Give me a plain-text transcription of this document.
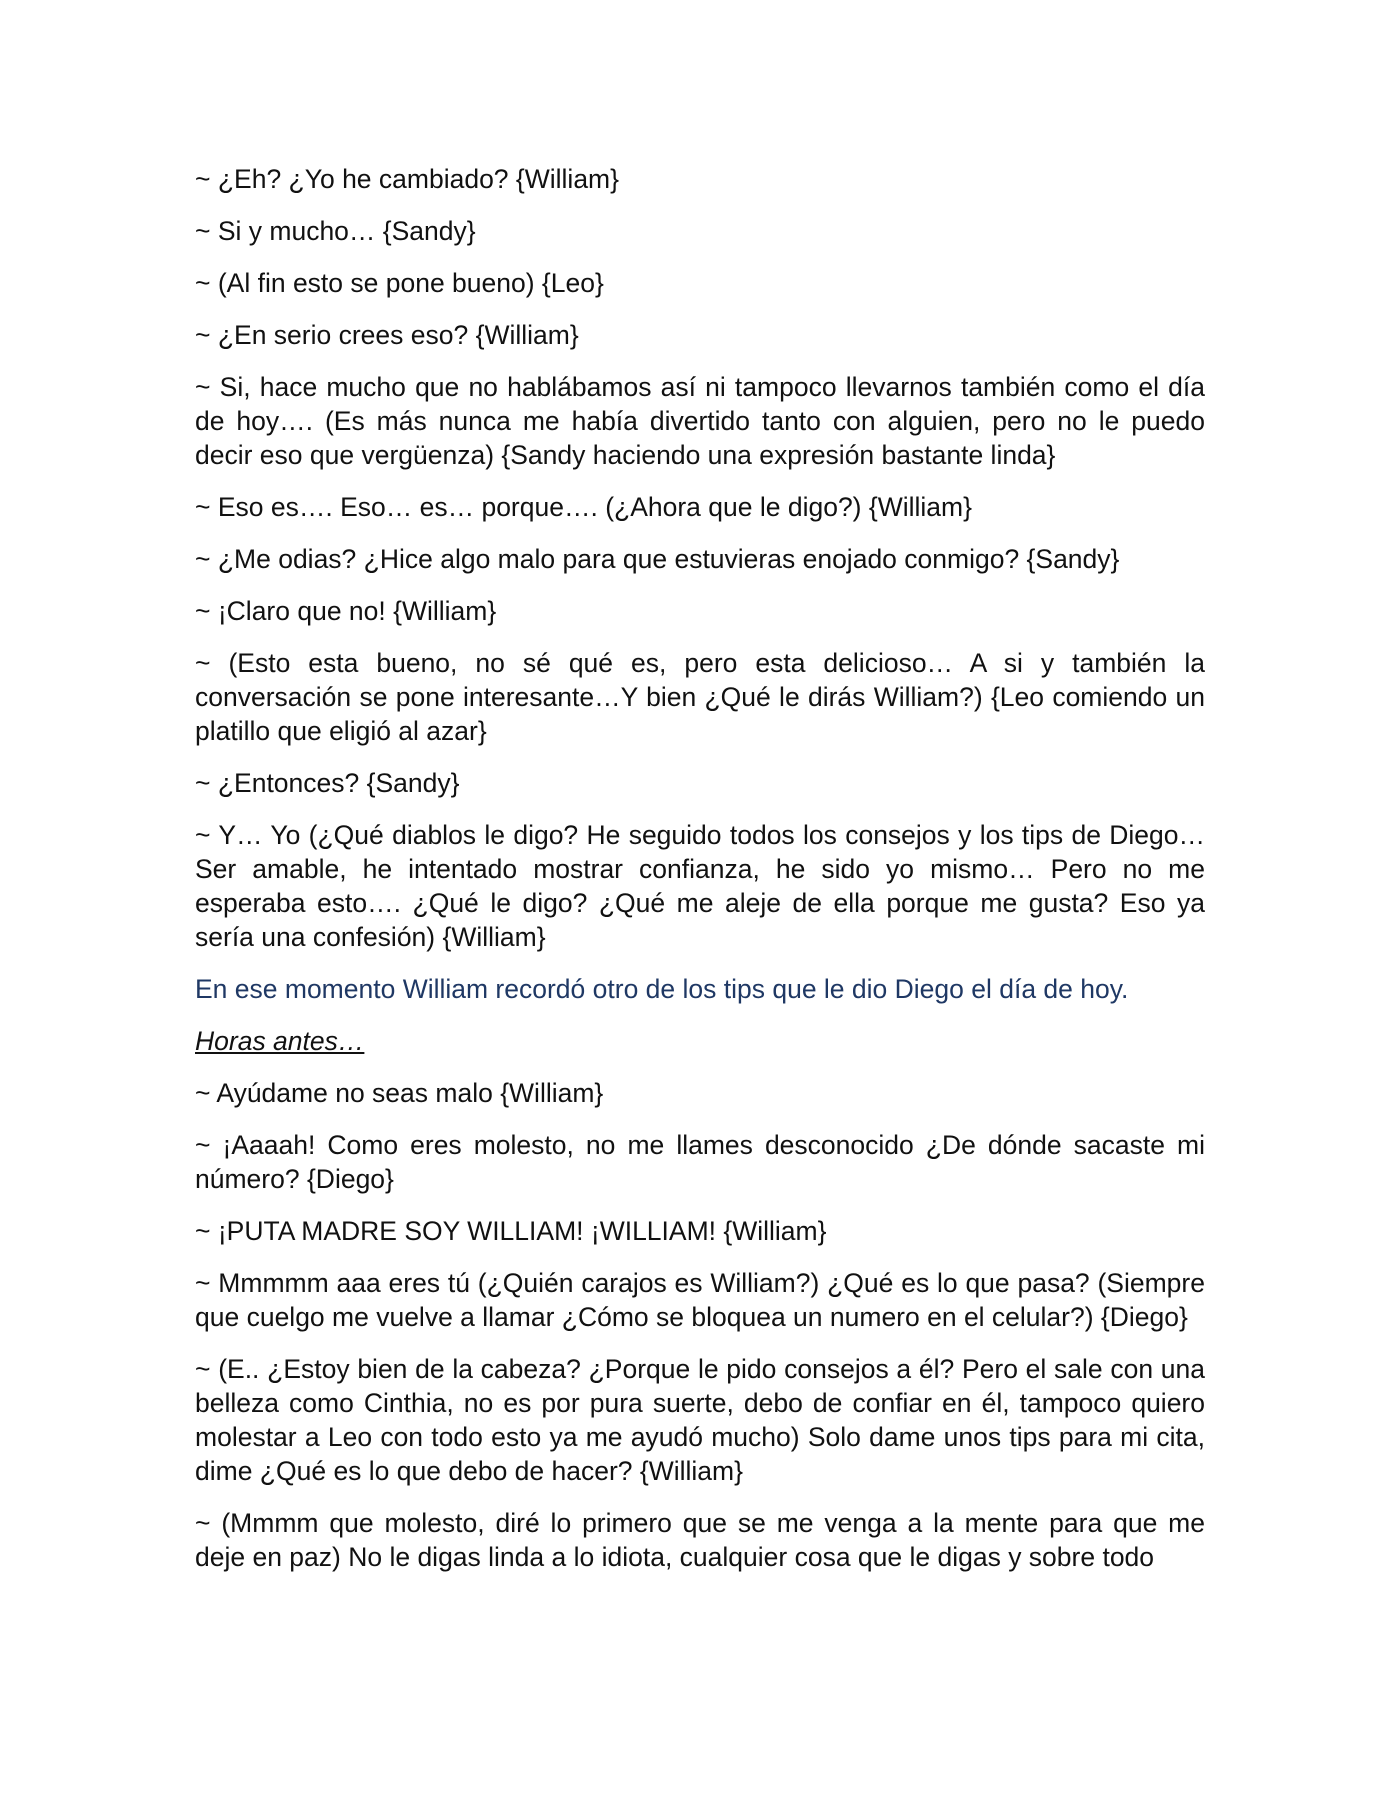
~ ¿Eh? ¿Yo he cambiado? {William}

~ Si y mucho… {Sandy}

~ (Al fin esto se pone bueno) {Leo}

~ ¿En serio crees eso? {William}

~ Si, hace mucho que no hablábamos así ni tampoco llevarnos también como el día de hoy…. (Es más nunca me había divertido tanto con alguien, pero no le puedo decir eso que vergüenza) {Sandy haciendo una expresión bastante linda}

~ Eso es…. Eso… es… porque…. (¿Ahora que le digo?) {William}

~ ¿Me odias? ¿Hice algo malo para que estuvieras enojado conmigo? {Sandy}

~ ¡Claro que no! {William}

~ (Esto esta bueno, no sé qué es, pero esta delicioso… A si y también la conversación se pone interesante…Y bien ¿Qué le dirás William?) {Leo comiendo un platillo que eligió al azar}

~ ¿Entonces? {Sandy}

~ Y… Yo (¿Qué diablos le digo? He seguido todos los consejos y los tips de Diego… Ser amable, he intentado mostrar confianza, he sido yo mismo… Pero no me esperaba esto…. ¿Qué le digo? ¿Qué me aleje de ella porque me gusta? Eso ya sería una confesión) {William}

En ese momento William recordó otro de los tips que le dio Diego el día de hoy.

Horas antes…

~ Ayúdame no seas malo {William}

~ ¡Aaaah! Como eres molesto, no me llames desconocido ¿De dónde sacaste mi número? {Diego}

~ ¡PUTA MADRE SOY WILLIAM! ¡WILLIAM! {William}

~ Mmmmm aaa eres tú (¿Quién carajos es William?) ¿Qué es lo que pasa? (Siempre que cuelgo me vuelve a llamar ¿Cómo se bloquea un numero en el celular?) {Diego}

~ (E.. ¿Estoy bien de la cabeza? ¿Porque le pido consejos a él? Pero el sale con una belleza como Cinthia, no es por pura suerte, debo de confiar en él, tampoco quiero molestar a Leo con todo esto ya me ayudó mucho) Solo dame unos tips para mi cita, dime ¿Qué es lo que debo de hacer? {William}

~ (Mmmm que molesto, diré lo primero que se me venga a la mente para que me deje en paz) No le digas linda a lo idiota, cualquier cosa que le digas y sobre todo
